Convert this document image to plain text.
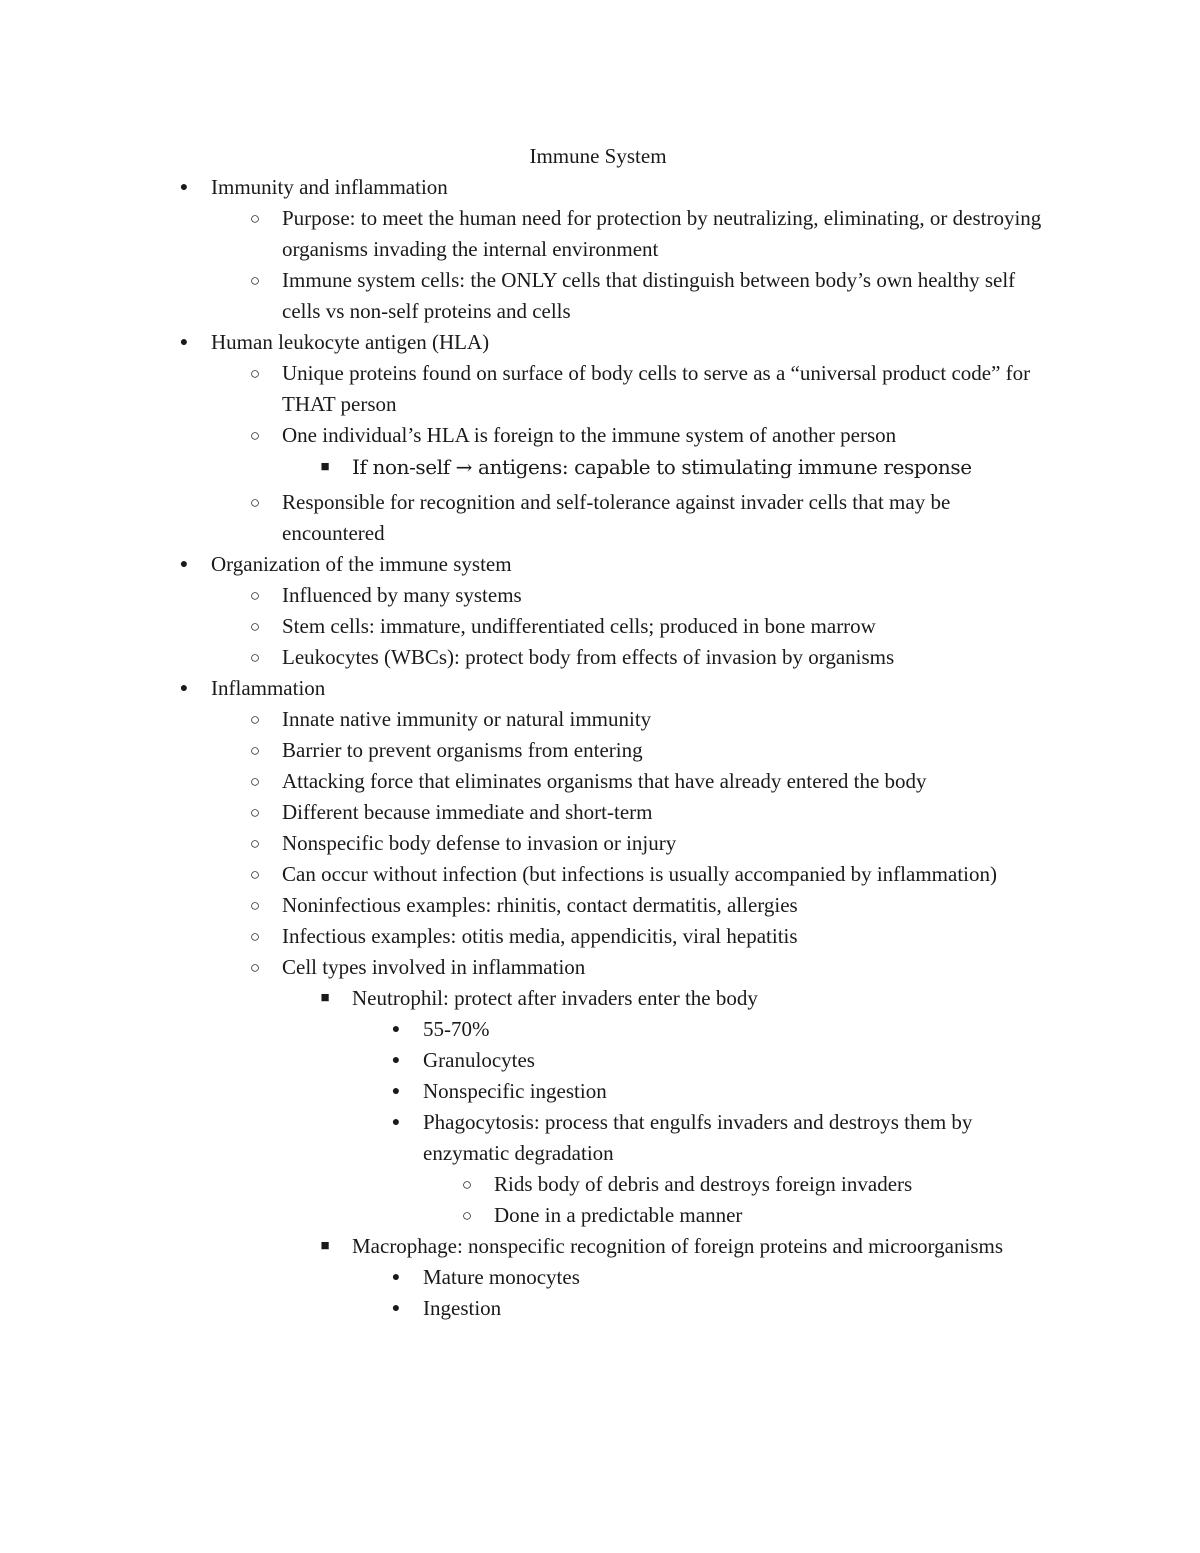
Immune System
● Immunity and inflammation
○ Purpose: to meet the human need for protection by neutralizing, eliminating, or destroying organisms invading the internal environment
○ Immune system cells: the ONLY cells that distinguish between body’s own healthy self cells vs non-self proteins and cells
● Human leukocyte antigen (HLA)
○ Unique proteins found on surface of body cells to serve as a “universal product code” for THAT person
○ One individual’s HLA is foreign to the immune system of another person
■ If non-self → antigens: capable to stimulating immune response
○ Responsible for recognition and self-tolerance against invader cells that may be encountered
● Organization of the immune system
○ Influenced by many systems
○ Stem cells: immature, undifferentiated cells; produced in bone marrow
○ Leukocytes (WBCs): protect body from effects of invasion by organisms
● Inflammation
○ Innate native immunity or natural immunity
○ Barrier to prevent organisms from entering
○ Attacking force that eliminates organisms that have already entered the body
○ Different because immediate and short-term
○ Nonspecific body defense to invasion or injury
○ Can occur without infection (but infections is usually accompanied by inflammation)
○ Noninfectious examples: rhinitis, contact dermatitis, allergies
○ Infectious examples: otitis media, appendicitis, viral hepatitis
○ Cell types involved in inflammation
■ Neutrophil: protect after invaders enter the body
● 55-70%
● Granulocytes
● Nonspecific ingestion
● Phagocytosis: process that engulfs invaders and destroys them by enzymatic degradation
○ Rids body of debris and destroys foreign invaders
○ Done in a predictable manner
■ Macrophage: nonspecific recognition of foreign proteins and microorganisms
● Mature monocytes
● Ingestion
